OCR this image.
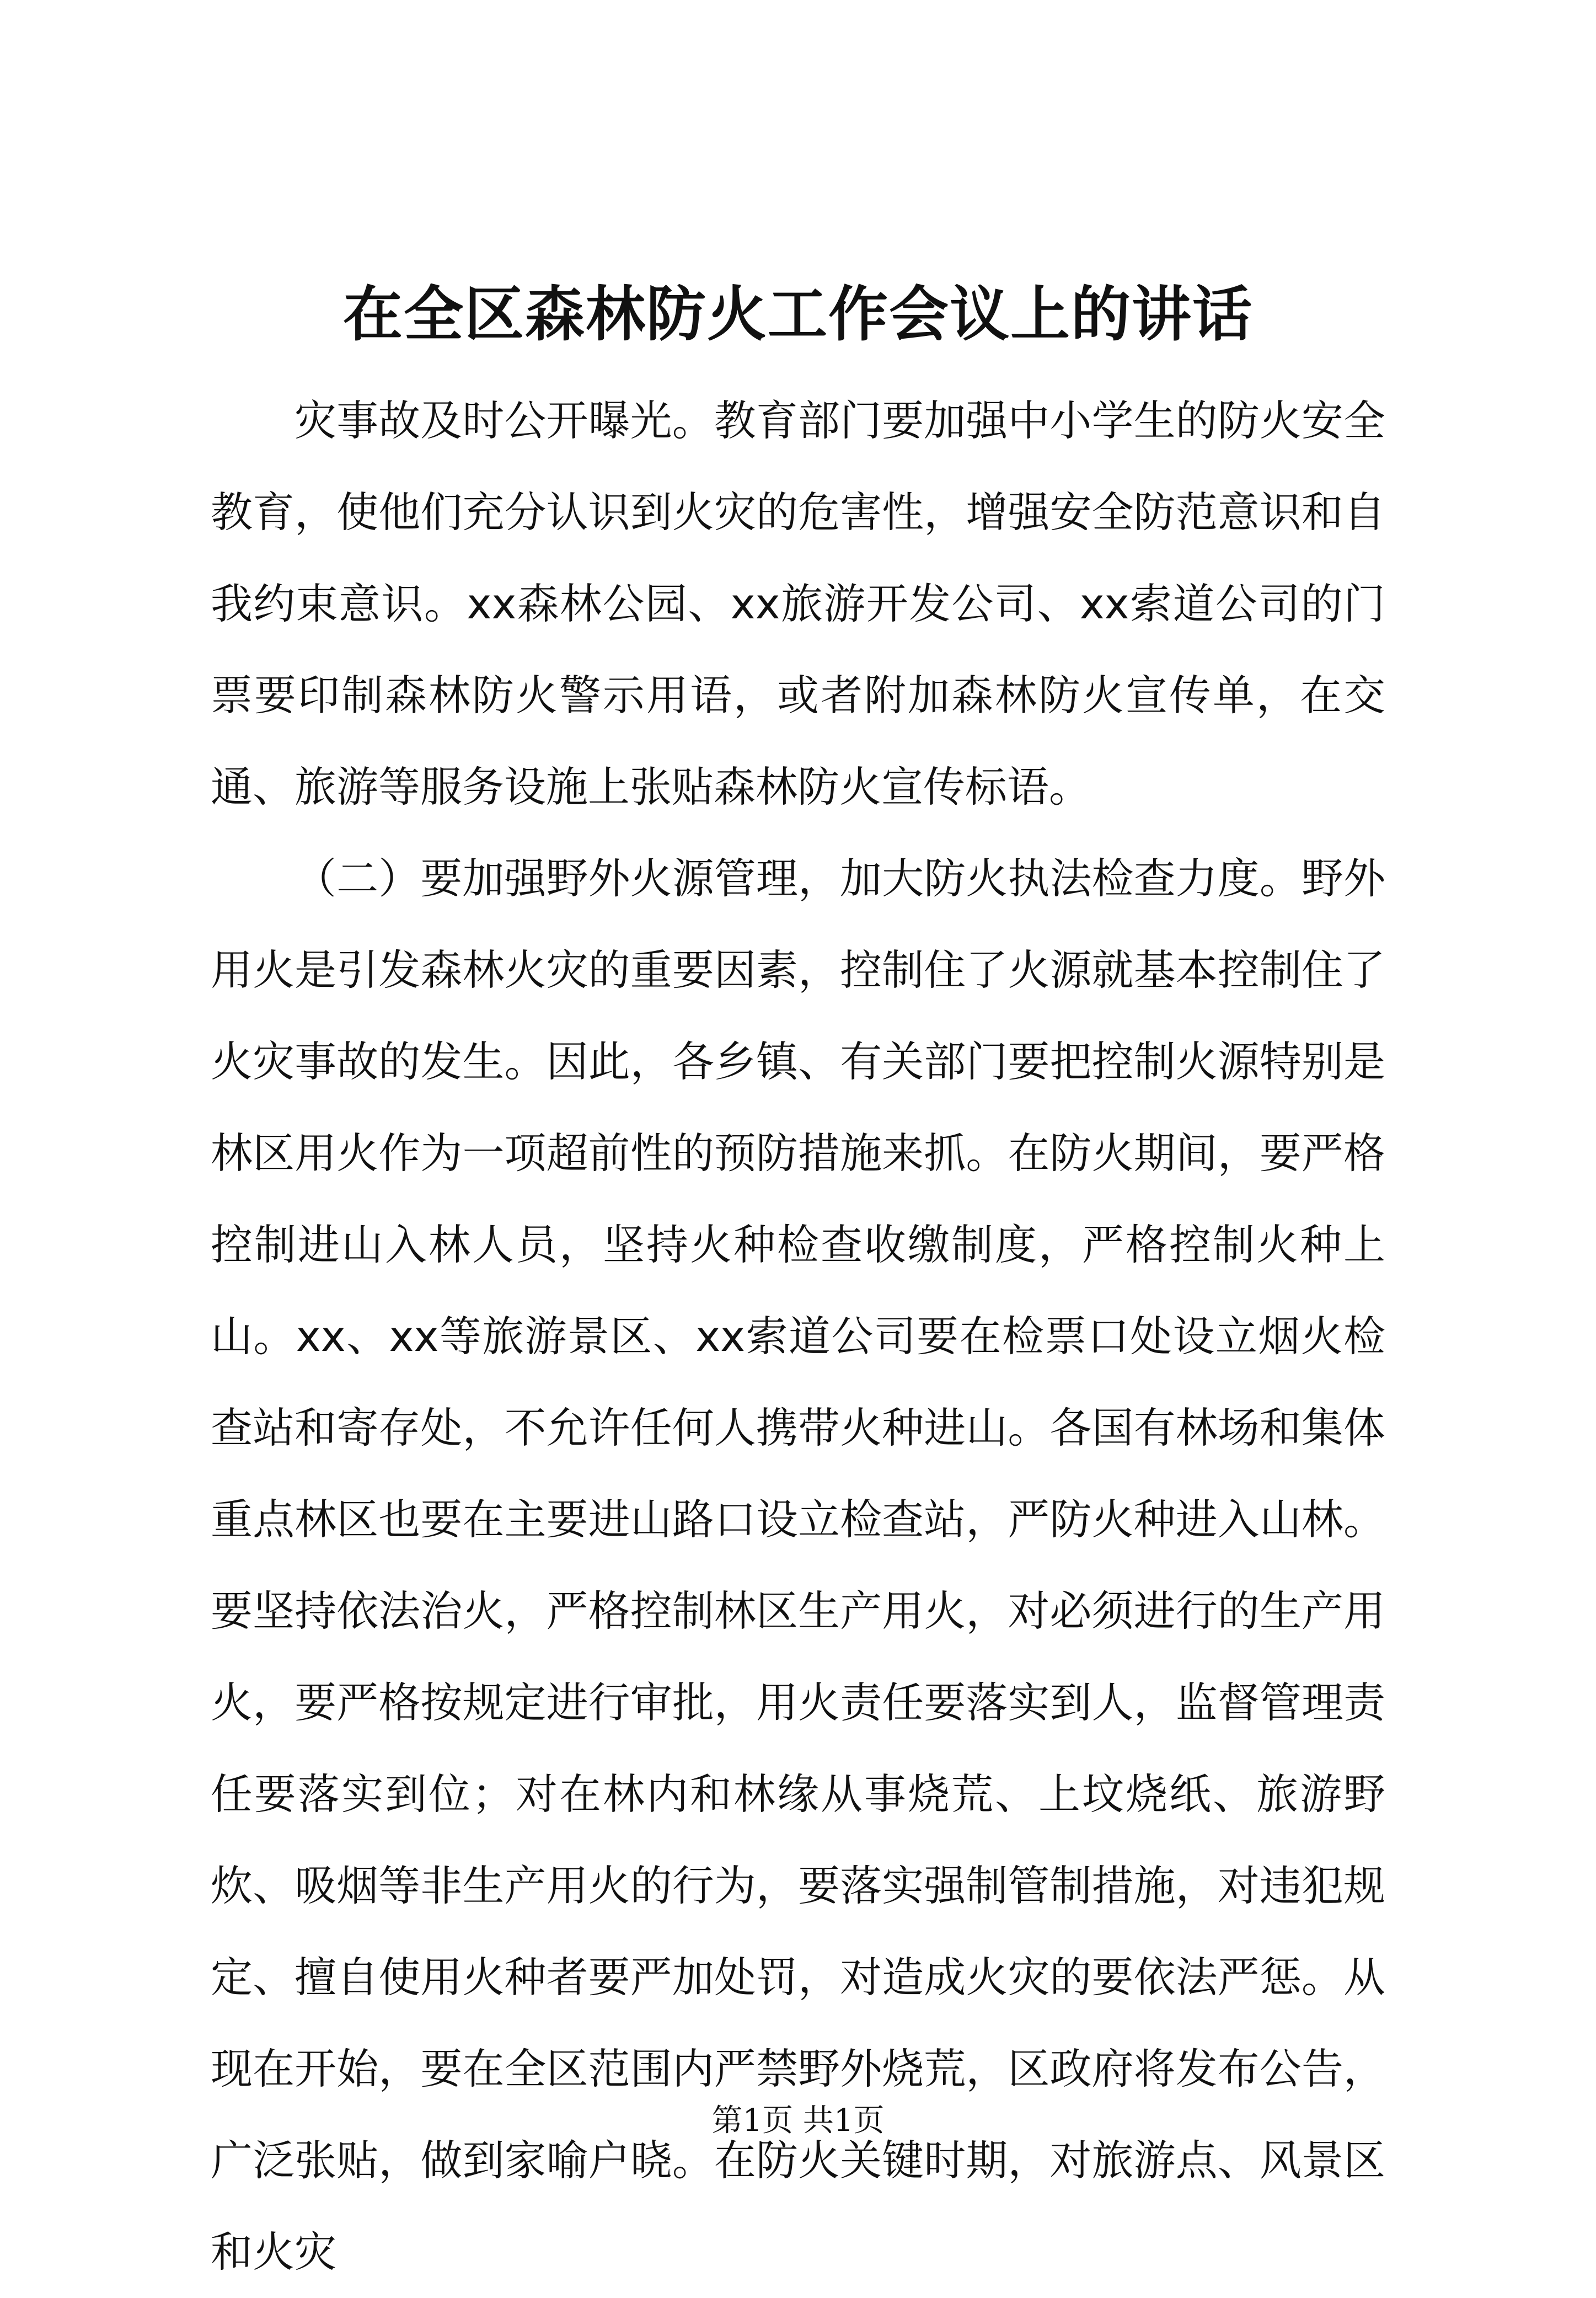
在全区森林防火工作会议上的讲话

灾事故及时公开曝光。教育部门要加强中小学生的防火安全教育，使他们充分认识到火灾的危害性，增强安全防范意识和自我约束意识。xx森林公园、xx旅游开发公司、xx索道公司的门票要印制森林防火警示用语，或者附加森林防火宣传单，在交通、旅游等服务设施上张贴森林防火宣传标语。

（二）要加强野外火源管理，加大防火执法检查力度。野外用火是引发森林火灾的重要因素，控制住了火源就基本控制住了火灾事故的发生。因此，各乡镇、有关部门要把控制火源特别是林区用火作为一项超前性的预防措施来抓。在防火期间，要严格控制进山入林人员，坚持火种检查收缴制度，严格控制火种上山。xx、xx等旅游景区、xx索道公司要在检票口处设立烟火检查站和寄存处，不允许任何人携带火种进山。各国有林场和集体重点林区也要在主要进山路口设立检查站，严防火种进入山林。要坚持依法治火，严格控制林区生产用火，对必须进行的生产用火，要严格按规定进行审批，用火责任要落实到人，监督管理责任要落实到位；对在林内和林缘从事烧荒、上坟烧纸、旅游野炊、吸烟等非生产用火的行为，要落实强制管制措施，对违犯规定、擅自使用火种者要严加处罚，对造成火灾的要依法严惩。从现在开始，要在全区范围内严禁野外烧荒，区政府将发布公告，广泛张贴，做到家喻户晓。在防火关键时期，对旅游点、风景区和火灾

第1页 共1页
